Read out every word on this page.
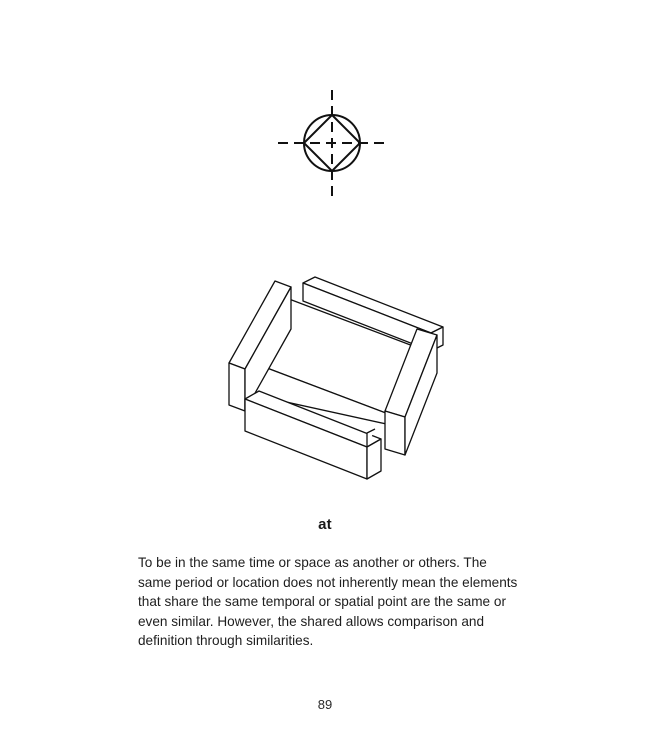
at
To be in the same time or space as another or others. The same period or location does not inherently mean the elements that share the same temporal or spatial point are the same or even similar. However, the shared allows comparison and definition through similarities.
89
